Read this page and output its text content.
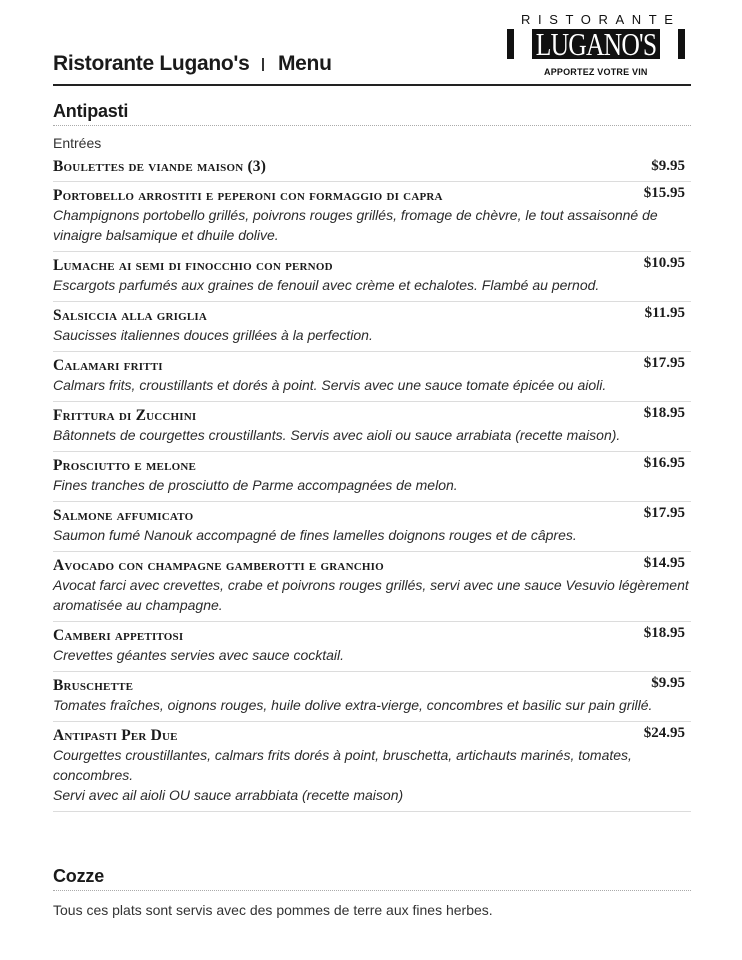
Ristorante Lugano's Menu
RISTORANTE
LUGANO'S
APPORTEZ VOTRE VIN
Antipasti
Entrées
Boulettes de viande maison (3)	$9.95
Portobello arrostiti e peperoni con formaggio di capra	$15.95
Champignons portobello grillés, poivrons rouges grillés, fromage de chèvre, le tout assaisonné de vinaigre balsamique et dhuile dolive.
Lumache ai semi di finocchio con pernod	$10.95
Escargots parfumés aux graines de fenouil avec crème et echalotes. Flambé au pernod.
Salsiccia alla griglia	$11.95
Saucisses italiennes douces grillées à la perfection.
Calamari fritti	$17.95
Calmars frits, croustillants et dorés à point. Servis avec une sauce tomate épicée ou aioli.
Frittura di Zucchini	$18.95
Bâtonnets de courgettes croustillants. Servis avec aioli ou sauce arrabiata (recette maison).
Prosciutto e melone	$16.95
Fines tranches de prosciutto de Parme accompagnées de melon.
Salmone affumicato	$17.95
Saumon fumé Nanouk accompagné de fines lamelles doignons rouges et de câpres.
Avocado con champagne gamberotti e granchio	$14.95
Avocat farci avec crevettes, crabe et poivrons rouges grillés, servi avec une sauce Vesuvio légèrement aromatisée au champagne.
Camberi appetitosi	$18.95
Crevettes géantes servies avec sauce cocktail.
Bruschette	$9.95
Tomates fraîches, oignons rouges, huile dolive extra-vierge, concombres et basilic sur pain grillé.
Antipasti Per Due	$24.95
Courgettes croustillantes, calmars frits dorés à point, bruschetta, artichauts marinés, tomates, concombres.
Servi avec ail aioli OU sauce arrabbiata (recette maison)
Cozze
Tous ces plats sont servis avec des pommes de terre aux fines herbes.
